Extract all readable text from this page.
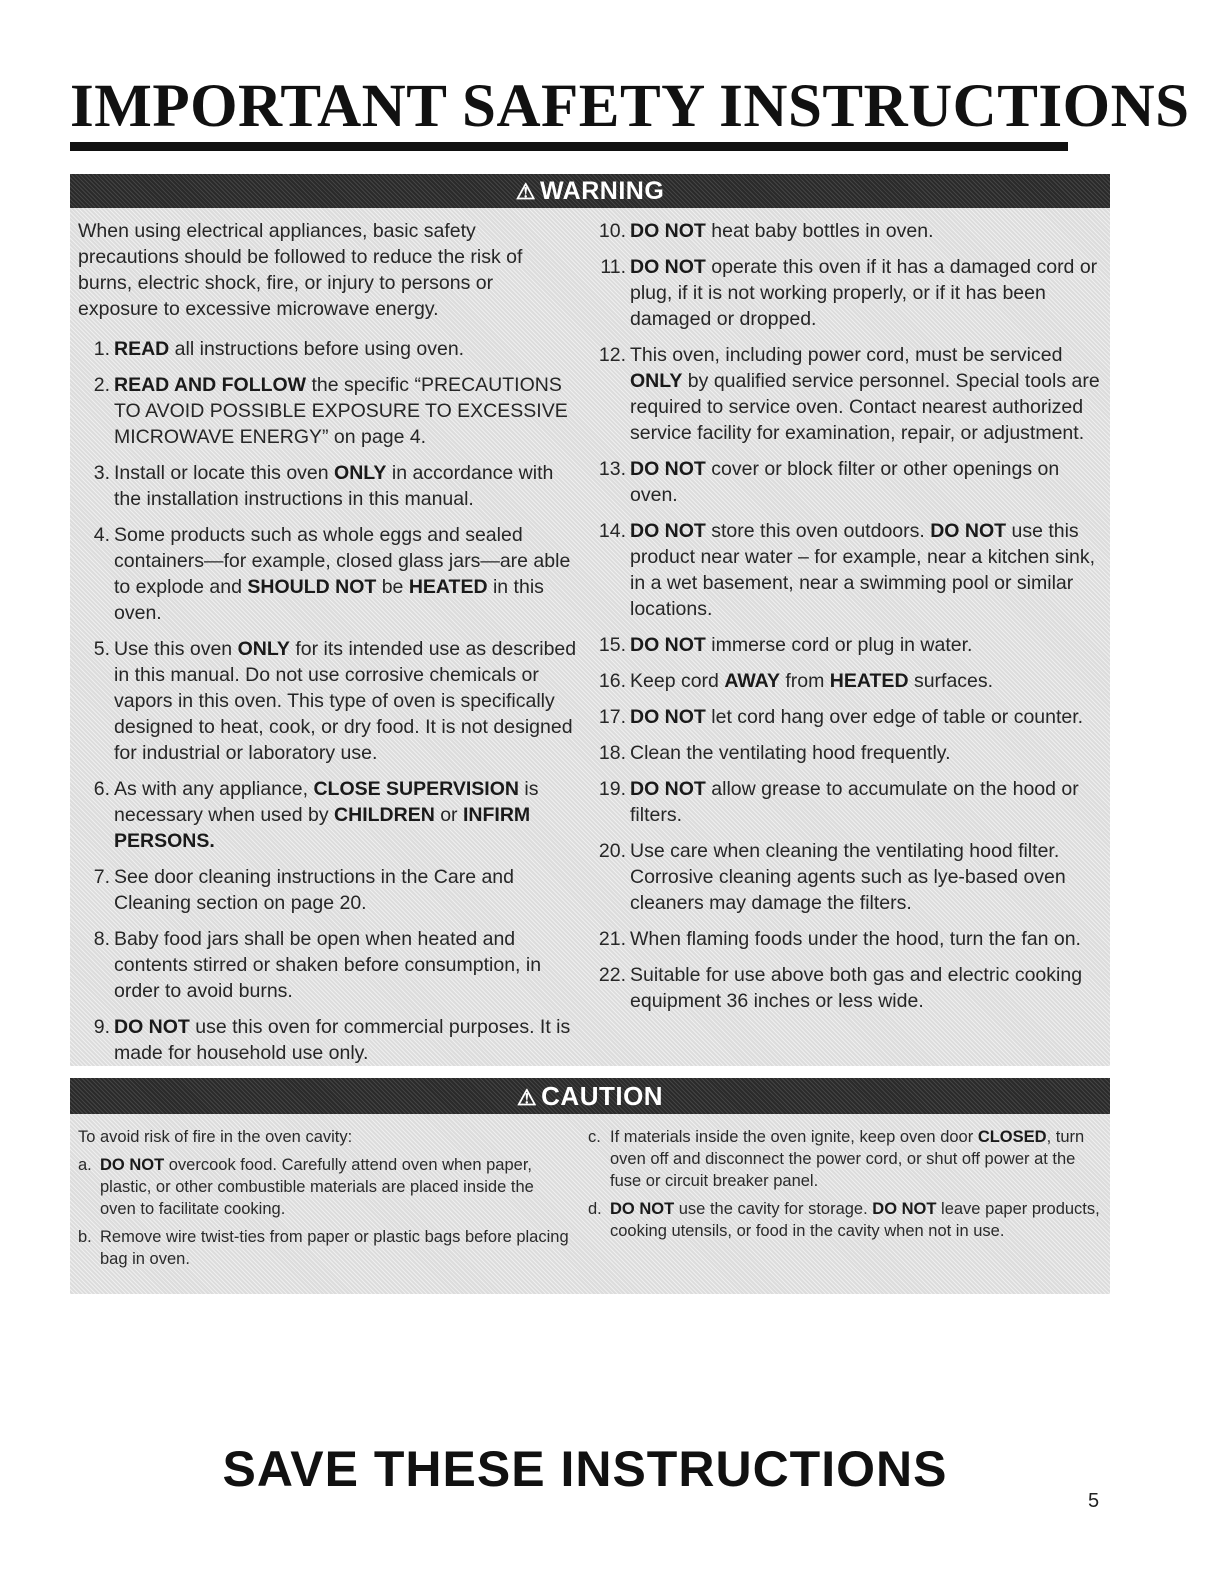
IMPORTANT SAFETY INSTRUCTIONS
⚠ WARNING
When using electrical appliances, basic safety precautions should be followed to reduce the risk of burns, electric shock, fire, or injury to persons or exposure to excessive microwave energy.
1. READ all instructions before using oven.
2. READ AND FOLLOW the specific “PRECAUTIONS TO AVOID POSSIBLE EXPOSURE TO EXCESSIVE MICROWAVE ENERGY” on page 4.
3. Install or locate this oven ONLY in accordance with the installation instructions in this manual.
4. Some products such as whole eggs and sealed containers—for example, closed glass jars—are able to explode and SHOULD NOT be HEATED in this oven.
5. Use this oven ONLY for its intended use as described in this manual. Do not use corrosive chemicals or vapors in this oven. This type of oven is specifically designed to heat, cook, or dry food. It is not designed for industrial or laboratory use.
6. As with any appliance, CLOSE SUPERVISION is necessary when used by CHILDREN or INFIRM PERSONS.
7. See door cleaning instructions in the Care and Cleaning section on page 20.
8. Baby food jars shall be open when heated and contents stirred or shaken before consumption, in order to avoid burns.
9. DO NOT use this oven for commercial purposes. It is made for household use only.
10. DO NOT heat baby bottles in oven.
11. DO NOT operate this oven if it has a damaged cord or plug, if it is not working properly, or if it has been damaged or dropped.
12. This oven, including power cord, must be serviced ONLY by qualified service personnel. Special tools are required to service oven. Contact nearest authorized service facility for examination, repair, or adjustment.
13. DO NOT cover or block filter or other openings on oven.
14. DO NOT store this oven outdoors. DO NOT use this product near water – for example, near a kitchen sink, in a wet basement, near a swimming pool or similar locations.
15. DO NOT immerse cord or plug in water.
16. Keep cord AWAY from HEATED surfaces.
17. DO NOT let cord hang over edge of table or counter.
18. Clean the ventilating hood frequently.
19. DO NOT allow grease to accumulate on the hood or filters.
20. Use care when cleaning the ventilating hood filter. Corrosive cleaning agents such as lye-based oven cleaners may damage the filters.
21. When flaming foods under the hood, turn the fan on.
22. Suitable for use above both gas and electric cooking equipment 36 inches or less wide.
⚠ CAUTION
To avoid risk of fire in the oven cavity:
a. DO NOT overcook food. Carefully attend oven when paper, plastic, or other combustible materials are placed inside the oven to facilitate cooking.
b. Remove wire twist-ties from paper or plastic bags before placing bag in oven.
c. If materials inside the oven ignite, keep oven door CLOSED, turn oven off and disconnect the power cord, or shut off power at the fuse or circuit breaker panel.
d. DO NOT use the cavity for storage. DO NOT leave paper products, cooking utensils, or food in the cavity when not in use.
SAVE THESE INSTRUCTIONS
5
